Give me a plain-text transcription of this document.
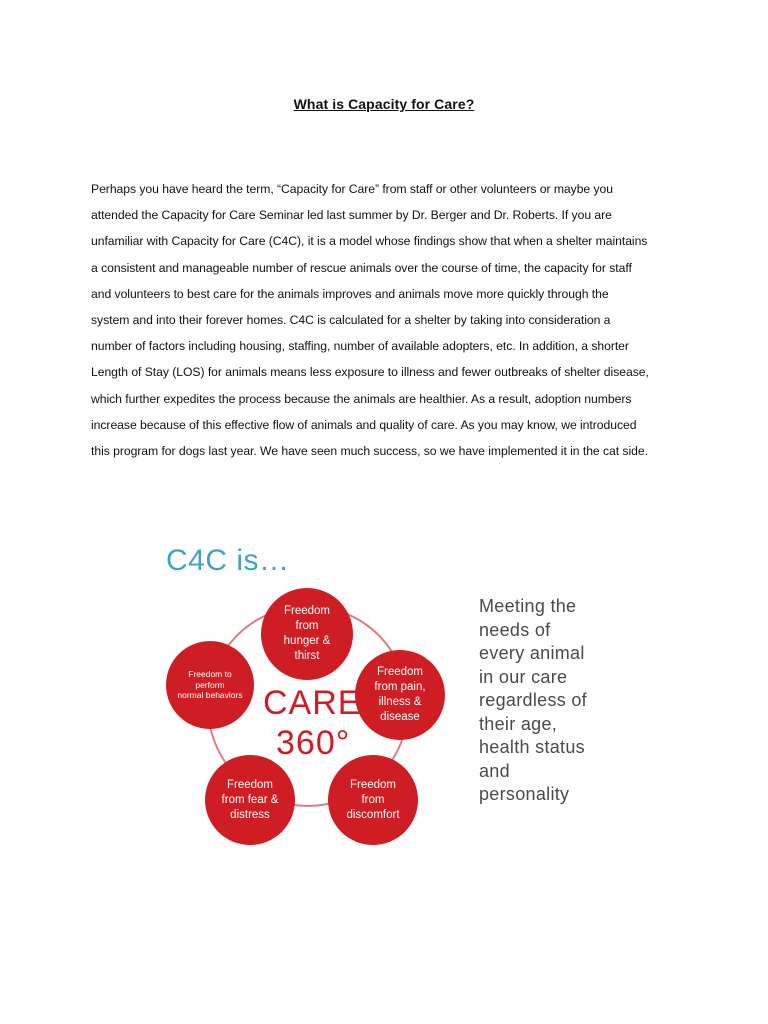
What is Capacity for Care?
Perhaps you have heard the term, “Capacity for Care” from staff or other volunteers or maybe you
attended the Capacity for Care Seminar led last summer by Dr. Berger and Dr. Roberts. If you are
unfamiliar with Capacity for Care (C4C), it is a model whose findings show that when a shelter maintains
a consistent and manageable number of rescue animals over the course of time, the capacity for staff
and volunteers to best care for the animals improves and animals move more quickly through the
system and into their forever homes. C4C is calculated for a shelter by taking into consideration a
number of factors including housing, staffing, number of available adopters, etc. In addition, a shorter
Length of Stay (LOS) for animals means less exposure to illness and fewer outbreaks of shelter disease,
which further expedites the process because the animals are healthier. As a result, adoption numbers
increase because of this effective flow of animals and quality of care. As you may know, we introduced
this program for dogs last year. We have seen much success, so we have implemented it in the cat side.
C4C is…
Freedom
from
hunger &
thirst
Freedom
from pain,
illness &
disease
Freedom
from
discomfort
Freedom
from fear &
distress
Freedom to
perform
normal behaviors CARE
360°
Meeting the
needs of
every animal
in our care
regardless of
their age,
health status
and
personality
